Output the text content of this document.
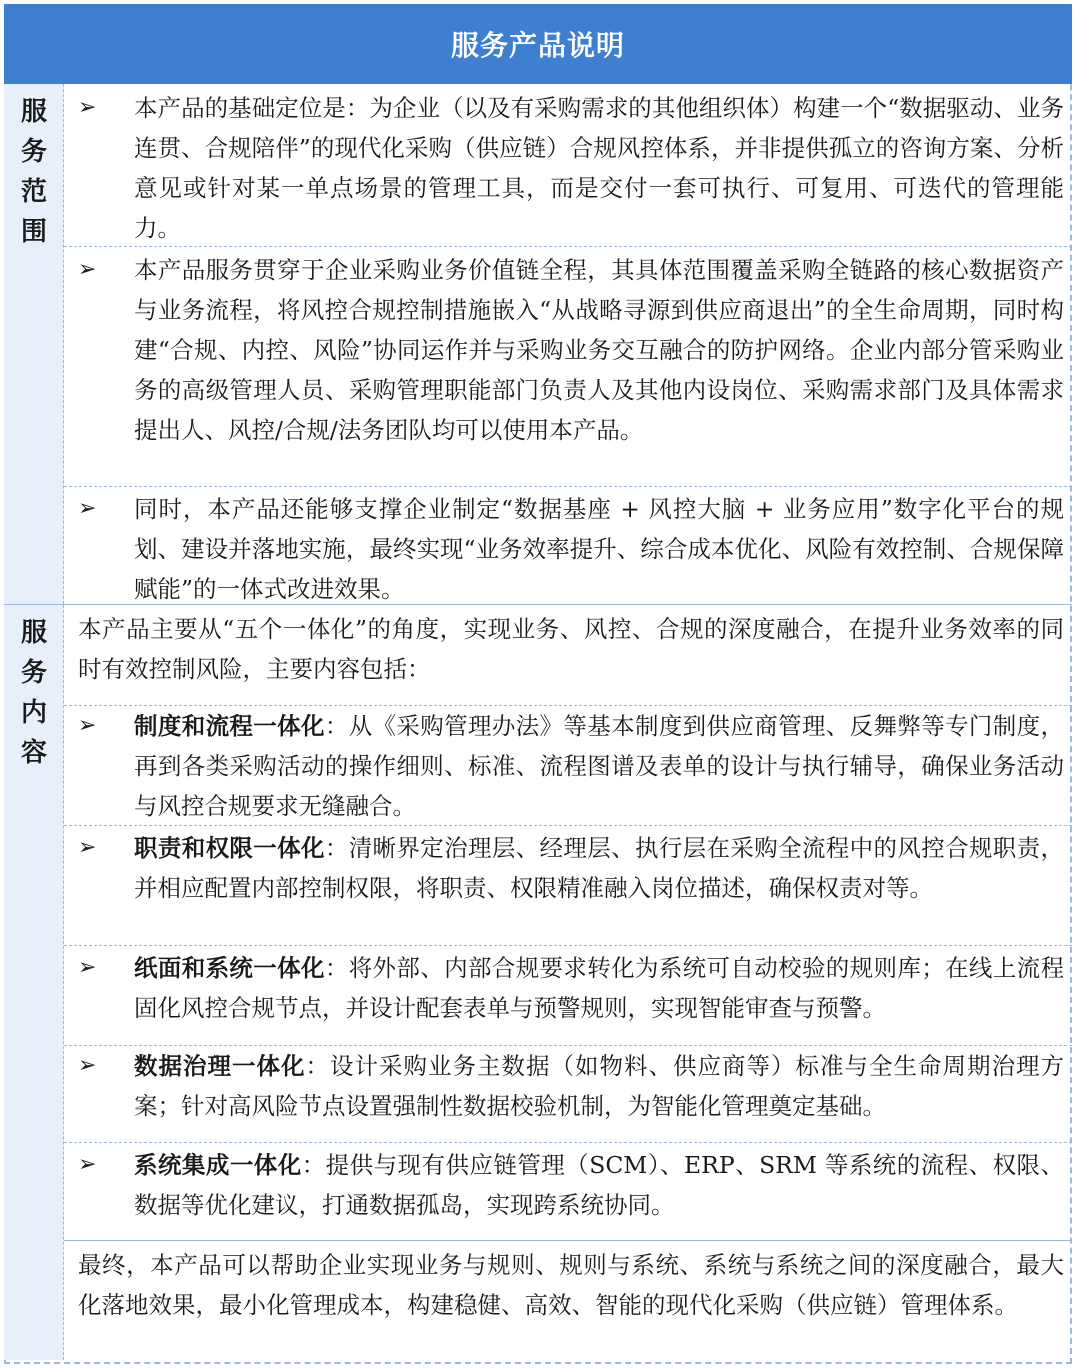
服务产品说明
服
务
范
围
➢ 本产品的基础定位是：为企业（以及有采购需求的其他组织体）构建一个“数据驱动、业务连贯、合规陪伴”的现代化采购（供应链）合规风控体系，并非提供孤立的咨询方案、分析意见或针对某一单点场景的管理工具，而是交付一套可执行、可复用、可迭代的管理能力。
➢ 本产品服务贯穿于企业采购业务价值链全程，其具体范围覆盖采购全链路的核心数据资产与业务流程，将风控合规控制措施嵌入“从战略寻源到供应商退出”的全生命周期，同时构建“合规、内控、风险”协同运作并与采购业务交互融合的防护网络。企业内部分管采购业务的高级管理人员、采购管理职能部门负责人及其他内设岗位、采购需求部门及具体需求提出人、风控/合规/法务团队均可以使用本产品。
➢ 同时，本产品还能够支撑企业制定“数据基座 + 风控大脑 + 业务应用”数字化平台的规划、建设并落地实施，最终实现“业务效率提升、综合成本优化、风险有效控制、合规保障赋能”的一体式改进效果。
服
务
内
容
本产品主要从“五个一体化”的角度，实现业务、风控、合规的深度融合，在提升业务效率的同时有效控制风险，主要内容包括：
➢ 制度和流程一体化：从《采购管理办法》等基本制度到供应商管理、反舞弊等专门制度，再到各类采购活动的操作细则、标准、流程图谱及表单的设计与执行辅导，确保业务活动与风控合规要求无缝融合。
➢ 职责和权限一体化：清晰界定治理层、经理层、执行层在采购全流程中的风控合规职责，并相应配置内部控制权限，将职责、权限精准融入岗位描述，确保权责对等。
➢ 纸面和系统一体化：将外部、内部合规要求转化为系统可自动校验的规则库；在线上流程固化风控合规节点，并设计配套表单与预警规则，实现智能审查与预警。
➢ 数据治理一体化：设计采购业务主数据（如物料、供应商等）标准与全生命周期治理方案；针对高风险节点设置强制性数据校验机制，为智能化管理奠定基础。
➢ 系统集成一体化：提供与现有供应链管理（SCM）、ERP、SRM 等系统的流程、权限、数据等优化建议，打通数据孤岛，实现跨系统协同。
最终，本产品可以帮助企业实现业务与规则、规则与系统、系统与系统之间的深度融合，最大化落地效果，最小化管理成本，构建稳健、高效、智能的现代化采购（供应链）管理体系。
